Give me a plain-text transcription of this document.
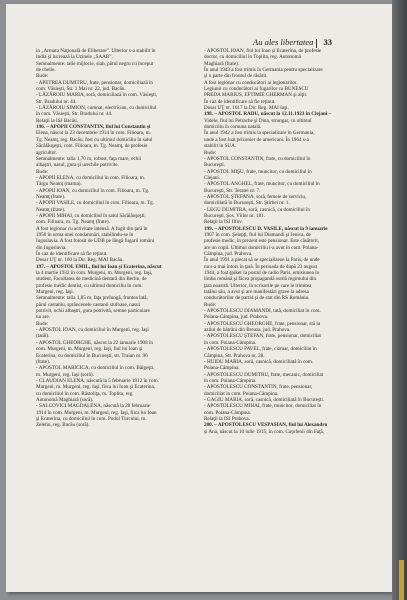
Au ales libertatea 33

in „Armata Naţională de Eliberare”. Ulterior s-a stabilit în

India şi lucrează la Uzinele „SAAB”.

Semnalmente: talie mijlocie, slab, părul negru cu început

de chelie.

Rude:

- APETREA DUMITRU, frate, pensionar, domiciliază în

com. Văsieşti, Str. 1 Mai nr. 22, jud. Bacău.

- LĂZĂROIU MARIA, soră, domiciliază în com. Văsieşti,

Str. Bradului nr. 44.

- LĂZĂROIU SIMION, cumnat, electrician, cu domiciliul

în com. Văsieşti, Str. Bradului nr. 44.

Relaţii la ISJ Bacău.

196. – APOPII CONSTANTIN, fiul lui Constantin şi

Elena, născut la 23 decembrie 1914 în com. Filioara, m.

Tg. Neamţ, reg. Bacău, fost cu ultimul domiciliu în satul

Săcălăuşeşti, com. Filioara, m. Tg. Neamţ, de profesie

agricultor.

Semnalmente: talia 1,70 m, robust, faţa mare, ochii

albaştri, nasul, gura şi urechile potrivite.

Rude:

- APOPII ELENA, cu domiciliul în com. Filioara, m.

Târgu Neamţ (mama).

- APOPII IOAN, cu domiciliul în com. Filioara, m. Tg.

Neamţ (frate).

- APOPII VASILE, cu domiciliul în com. Filioara, m. Tg.

Neamţ (frate).

- APOPII MIHAI, cu domiciliul în satul Săcălăuşeşti,

com. Filioara, m. Tg. Neamţ (frate).

A fost legionar cu activitate intensă. A fugit din ţară în

1950 în urma unei condamnări, stabilindu-se în

Iugoslavia. A fost folosit de UDB pe lângă fugarii români

din Iugoslavia.

În caz de identificare să fie reţinut.

Dosar UŢ nr. 160 la Dir. Reg. MAI Bacău.

197. – APOSTOL EMIL, fiul lui Ioan şi Ecaterina, născut

la 4 martie 1932 în com. Murgeni, m. Murgeni, reg. Iaşi,

student, Facultatea de medicină dentară din Berlin, de

profesie medic dentist, cu ultimul domiciliu în com.

Murgeni, reg. Iaşi.

Semnalmente: talia 1,85 m, faţa prelungă, fruntea lată,

părul castaniu, sprâncenele castanii stufoase, nasul

potrivit, ochii albaştri, gura potrivită, semne particulare

nu are.

Rude:

- APOSTOL IOAN, cu domiciliul în Murgeni, reg. Iaşi

(tatăl).

- APOSTOL GHEORGHE, născut la 22 ianuarie 1908 în

com. Murgeni, m. Murgeni, reg. Iaşi, fiul lui Ioan şi

Ecaterina, cu domiciliul în Bucureşti, str. Traian nr. 96

(frate).

- APOSTOL MARICICA, cu domiciliul în com. Bâlgeşti,

m. Murgeni, reg. Iaşi (soră).

- CLAUDIAN ELENA, născută la 5 februarie 1912 în com.

Murgeni, m. Murgeni, reg. Iaşi, fiica lui Ioan şi Ecaterina,

cu domiciliul în com. Răstoliţa, m. Toplita, reg.

Autonomă Maghiară (soră).

- SALCOVICI MAGDALENA, născută la 28 februarie

1914 în com. Murgeni, m. Murgeni, reg. Iaşi, fiica lui Ioan

şi Ecaterina, cu domiciliul în com. Podul Turcului, m.

Zeletin, reg. Bacău (soră).

- APOSTOL IOAN, fiul lui Ioan şi Ecaterina, de profesie

doctor, cu domiciliul în Toplita, reg. Autonomă

Maghiară (frate).

În anul 1943 a fost trimis în Germania pentru specializare

şi o parte din frontul de răsărit.

A fost legionar cu conducători ai legionarilor.

Legiunii cu conducători ai fugarilor ca BUNESCU

PREDA MARIUS, EFTIMIE GHERMAN şi alţii.

În caz de identificare să fie reţinut.

Dosar UŢ nr. 1617 la Dir. Reg. MAI Iaşi.

198. – APOSTOL RADU, născut la 12.11.1923 în Clejani –

Videle, fiul lui Petrache şi Dina, strungar, cu ultimul

domiciliu în comuna natală.

În anul 1942 a fost trimis la specializare în Germania,

unde a fost luat prizonier de americani. În 1964 s-a

stabilit în SUA.

Rude:

- APOSTOL CONSTANTIN, frate, cu domiciliul în

Bucureşti.

- APOSTOL MIŞU, frate, muncitor, cu domiciliul în

Clejani.

- APOSTOL ANGHEL, frate, muncitor, cu domiciliul în

Bucureşti, Str. Teratei nr. 7.

- APOSTOL ŞTEFANA, soră, femeie de serviciu,

domiciliată în Bucureşti, Str. Ştirbei nr. 1.

- LEGU DUMITRA, soră, casnică, cu domiciliul în

Bucureşti, Şos. Viilor nr. 181.

Relaţii la ISJ Ilfov.

199. – APOSTOLESCU D. VASILE, născut la 9 ianuarie

1907 în com. Şelepţi, fiul lui Diamandi şi Jenica, de

profesie medic, în prezent este pensionar. Este căsătorit,

are un copil. Ultimul domiciliu l-a avut în com. Poiana-

Câmpina, jud. Prahova.

În anul 1991 a plecat să se specializeze la Paris, de unde

nu s-a mai întors în ţară. În perioada de după 23 august

1944, a fost şpiker la postul de radio Paris, emisiunea în

limba română şi făcea propagandă ostilă regimului din

ţara noastră. Ulterior, în scrisorile pe care le trimitea

tatălui său, a avut şi are manifestări grave la adresa

conducătorilor de partid şi de stat din RS România.

Rude:

- APOSTOLESCU DIAMANDI, tată, domiciliat în com.

Poiana-Câmpina, jud. Prahova.

- APOSTOLESCU GHEORGHE, frate, pensionar, stă la

azilul de bătrâni din Breaza, jud. Prahova.

- APOSTOLESCU ŞTEFAN, frate, pensionar, domiciliat

în com. Poiana-Câmpina.

- APOSTOLESCU PAVEL, frate, cizmar, domiciliat în

Câmpina, Str. Prahova nr. 28.

- HUIDU MARIA, soră, casnică, domiciliată în com.

Poiana-Câmpina.

- APOSTOLESCU DUMITRU, frate, mecanic, domiciliat

în com. Poiana-Câmpina.

- APOSTOLESCU CONSTANTIN, frate, pensionar,

domiciliat în com. Poiana-Câmpina.

- GAGIU MARIA, soră, casnică, domiciliată în Bucureşti.

- APOSTOLESCU MIHAI, frate, muncitor, domiciliat în

com. Poiana-Câmpina.

Relaţii la ISJ Prahova.

200. – APOSTOLESCU VESPASIAN, fiul lui Alexandru

şi Ana, născut la 10 iulie 1915, în com. Coţofenii din Faţă,
